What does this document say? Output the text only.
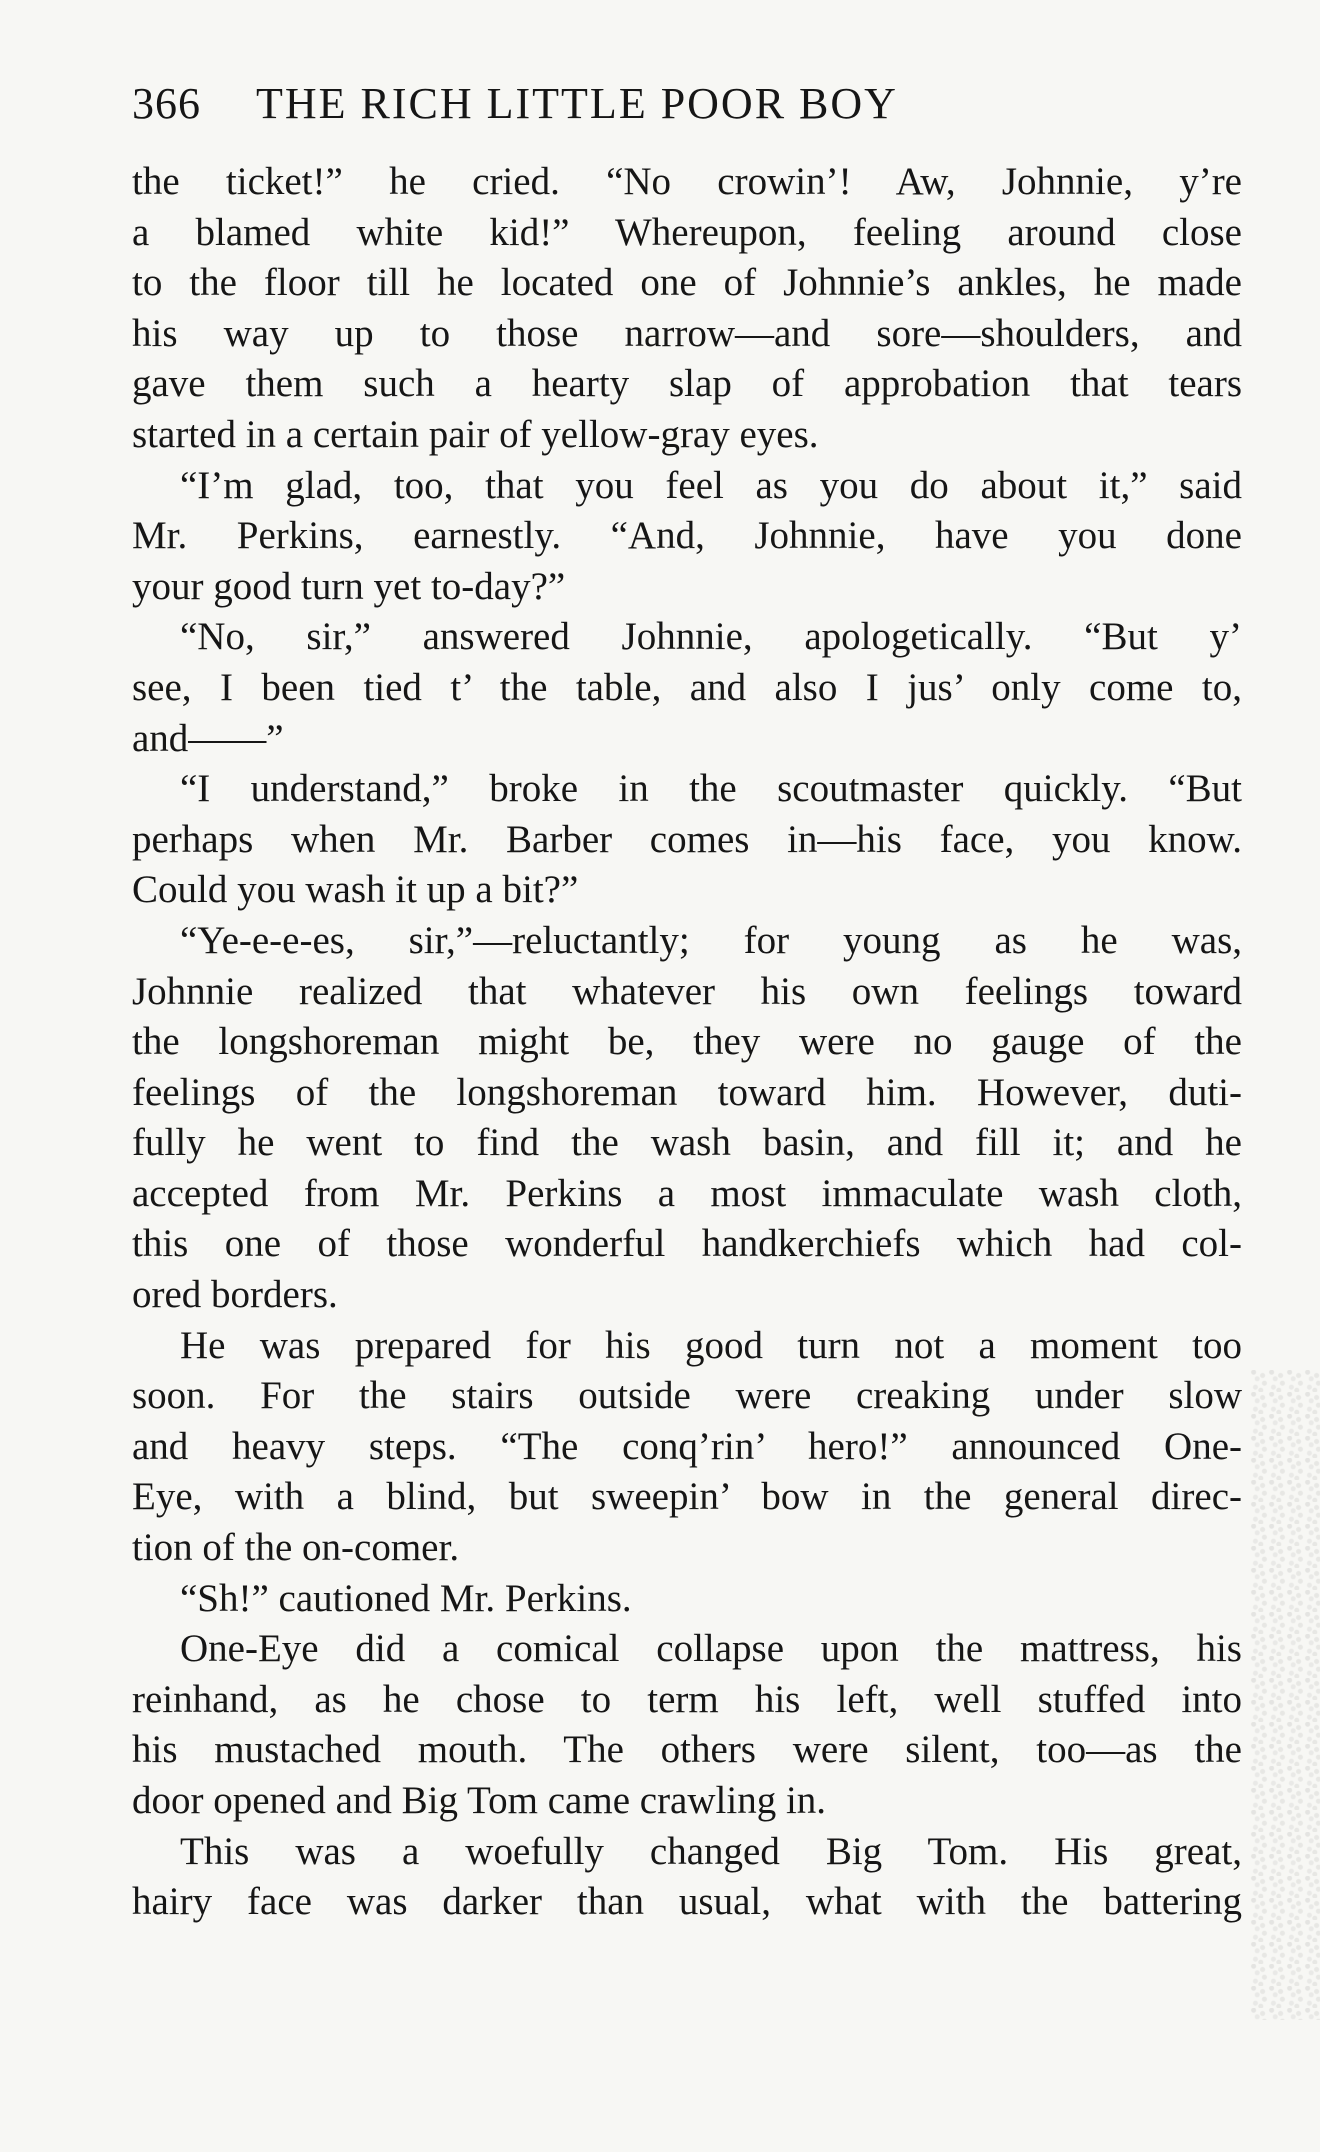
366 THE RICH LITTLE POOR BOY
the ticket!” he cried. “No crowin’! Aw, Johnnie, y’re
a blamed white kid!” Whereupon, feeling around close
to the floor till he located one of Johnnie’s ankles, he made
his way up to those narrow—and sore—shoulders, and
gave them such a hearty slap of approbation that tears
started in a certain pair of yellow-gray eyes.
“I’m glad, too, that you feel as you do about it,” said
Mr. Perkins, earnestly. “And, Johnnie, have you done
your good turn yet to-day?”
“No, sir,” answered Johnnie, apologetically. “But y’
see, I been tied t’ the table, and also I jus’ only come to,
and——”
“I understand,” broke in the scoutmaster quickly. “But
perhaps when Mr. Barber comes in—his face, you know.
Could you wash it up a bit?”
“Ye-e-e-es, sir,”—reluctantly; for young as he was,
Johnnie realized that whatever his own feelings toward
the longshoreman might be, they were no gauge of the
feelings of the longshoreman toward him. However, duti-
fully he went to find the wash basin, and fill it; and he
accepted from Mr. Perkins a most immaculate wash cloth,
this one of those wonderful handkerchiefs which had col-
ored borders.
He was prepared for his good turn not a moment too
soon. For the stairs outside were creaking under slow
and heavy steps. “The conq’rin’ hero!” announced One-
Eye, with a blind, but sweepin’ bow in the general direc-
tion of the on-comer.
“Sh!” cautioned Mr. Perkins.
One-Eye did a comical collapse upon the mattress, his
reinhand, as he chose to term his left, well stuffed into
his mustached mouth. The others were silent, too—as the
door opened and Big Tom came crawling in.
This was a woefully changed Big Tom. His great,
hairy face was darker than usual, what with the battering
